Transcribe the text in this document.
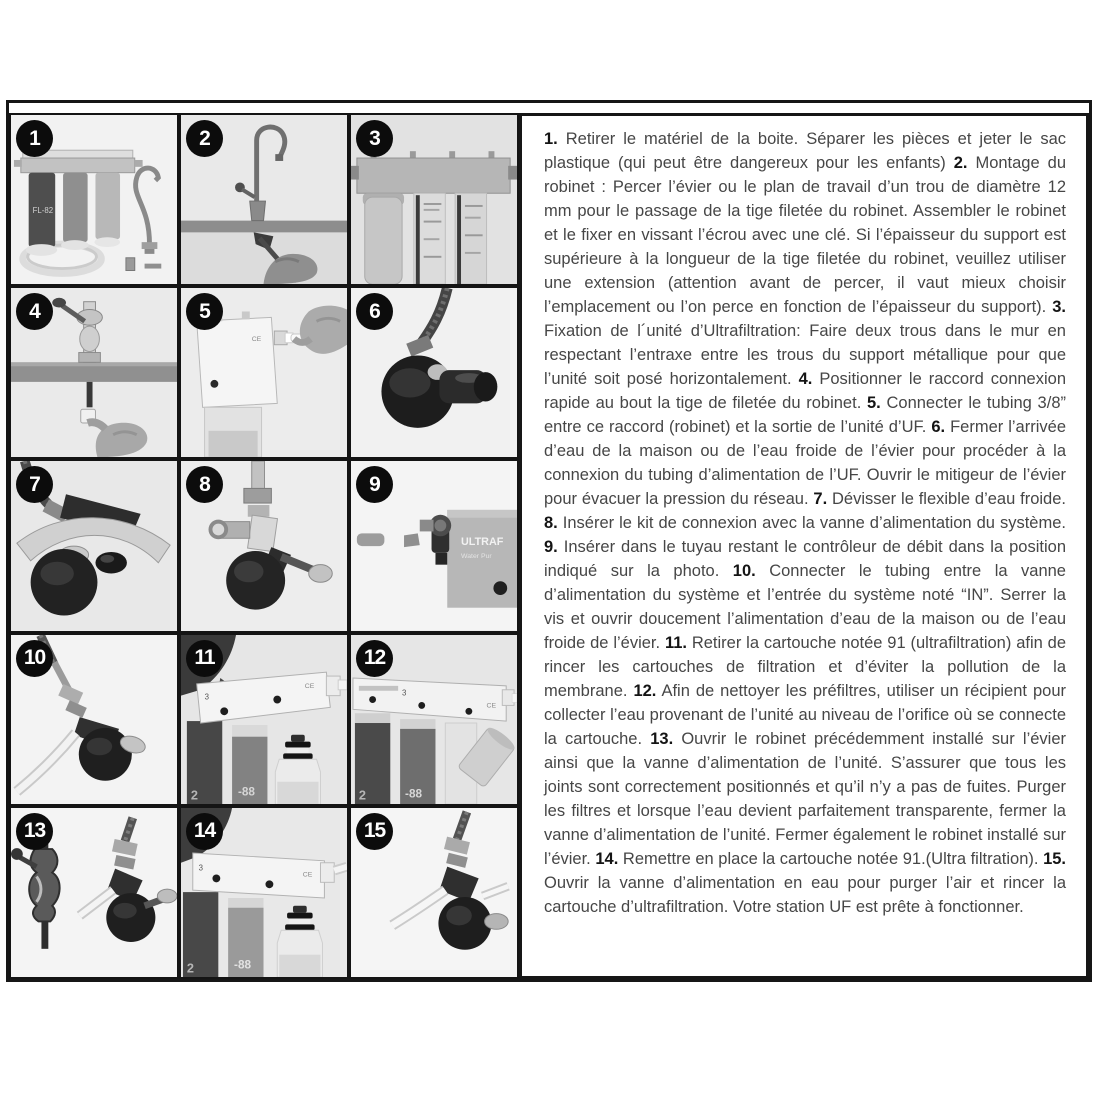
FL-82
1	2	3
4
CE
5	6
7	8
ULTRAF
Water Pur
9
10
2	-88
3
CE
11
2	-88
3
CE
12
13
2	-88
3
CE
14	15

1. Retirer le matériel de la boite. Séparer les pièces et jeter le sac plastique (qui peut être dangereux pour les enfants) 2. Montage du robinet : Percer l’évier ou le plan de travail d’un trou de diamètre 12 mm pour le passage de la tige filetée du robinet. Assembler le robinet et le fixer en vissant l’écrou avec une clé. Si l’épaisseur du support est supérieure à la longueur de la tige filetée du robinet, veuillez utiliser une extension (attention avant de percer, il vaut mieux choisir l’emplacement ou l’on perce en fonction de l’épaisseur du support). 3. Fixation de l´unité d’Ultrafiltration: Faire deux trous dans le mur en respectant l’entraxe entre les trous du support métallique pour que l’unité soit posé horizontalement. 4. Positionner le raccord connexion rapide au bout la tige de filetée du robinet. 5. Connecter le tubing 3/8” entre ce raccord (robinet) et la sortie de l’unité d’UF. 6. Fermer l’arrivée d’eau de la maison ou de l’eau froide de l’évier pour procéder à la connexion du tubing d’alimentation de l’UF. Ouvrir le mitigeur de l’évier pour évacuer la pression du réseau. 7. Dévisser le flexible d’eau froide. 8. Insérer le kit de connexion avec la vanne d’alimentation du système. 9. Insérer dans le tuyau restant le contrôleur de débit dans la position indiqué sur la photo. 10. Connecter le tubing entre la vanne d’alimentation du système et l’entrée du système noté “IN”. Serrer la vis et ouvrir doucement l’alimentation d’eau de la maison ou de l’eau froide de l’évier. 11. Retirer la cartouche notée 91 (ultrafiltration) afin de rincer les cartouches de filtration et d’éviter la pollution de la membrane. 12. Afin de nettoyer les préfiltres, utiliser un récipient pour collecter l’eau provenant de l’unité au niveau de l’orifice où se connecte la cartouche. 13. Ouvrir le robinet précédemment installé sur l’évier ainsi que la vanne d’alimentation de l’unité. S’assurer que tous les joints sont correctement positionnés et qu’il n’y a pas de fuites. Purger les filtres et lorsque l’eau devient parfaitement transparente, fermer la vanne d’alimentation de l’unité. Fermer également le robinet installé sur l’évier. 14. Remettre en place la cartouche notée 91.(Ultra filtration). 15. Ouvrir la vanne d’alimentation en eau pour purger l’air et rincer la cartouche d’ultrafiltration. Votre station UF est prête à fonctionner.
